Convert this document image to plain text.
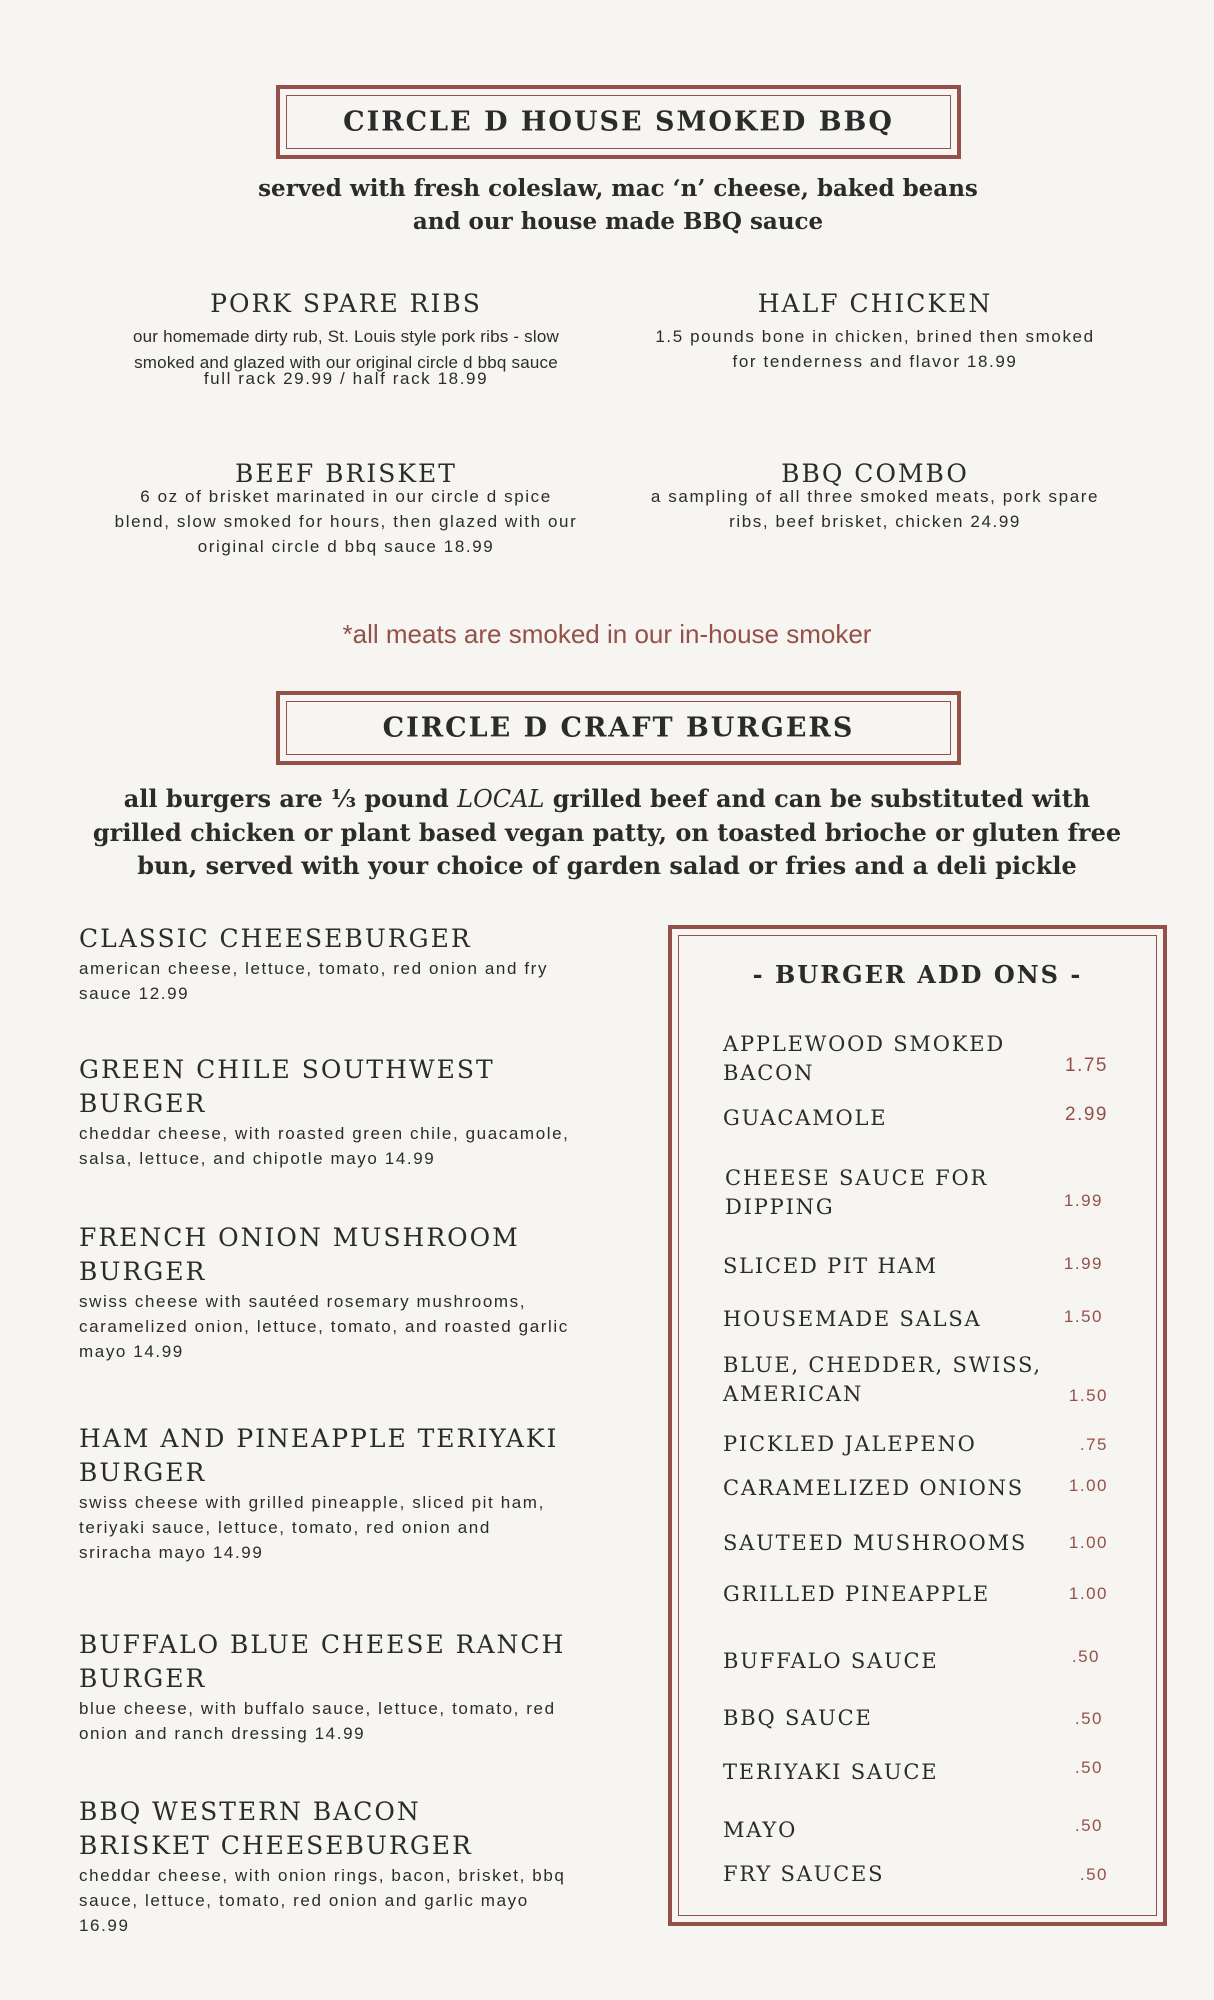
CIRCLE D HOUSE SMOKED BBQ
served with fresh coleslaw, mac ‘n’ cheese, baked beans
and our house made BBQ sauce
PORK SPARE RIBS
our homemade dirty rub, St. Louis style pork ribs - slow smoked and glazed with our original circle d bbq sauce
full rack 29.99 / half rack 18.99
HALF CHICKEN
1.5 pounds bone in chicken, brined then smoked for tenderness and flavor 18.99
BEEF BRISKET
6 oz of brisket marinated in our circle d spice blend, slow smoked for hours, then glazed with our original circle d bbq sauce 18.99
BBQ COMBO
a sampling of all three smoked meats, pork spare ribs, beef brisket, chicken 24.99
*all meats are smoked in our in-house smoker
CIRCLE D CRAFT BURGERS
all burgers are ⅓ pound LOCAL grilled beef and can be substituted with grilled chicken or plant based vegan patty, on toasted brioche or gluten free bun, served with your choice of garden salad or fries and a deli pickle
CLASSIC CHEESEBURGER
american cheese, lettuce, tomato, red onion and fry sauce 12.99
GREEN CHILE SOUTHWEST BURGER
cheddar cheese, with roasted green chile, guacamole, salsa, lettuce, and chipotle mayo 14.99
FRENCH ONION MUSHROOM BURGER
swiss cheese with sautéed rosemary mushrooms, caramelized onion, lettuce, tomato, and roasted garlic mayo 14.99
HAM AND PINEAPPLE TERIYAKI BURGER
swiss cheese with grilled pineapple, sliced pit ham, teriyaki sauce, lettuce, tomato, red onion and sriracha mayo 14.99
BUFFALO BLUE CHEESE RANCH BURGER
blue cheese, with buffalo sauce, lettuce, tomato, red onion and ranch dressing 14.99
BBQ WESTERN BACON BRISKET CHEESEBURGER
cheddar cheese, with onion rings, bacon, brisket, bbq sauce, lettuce, tomato, red onion and garlic mayo 16.99
- BURGER ADD ONS -
APPLEWOOD SMOKED BACON	1.75
GUACAMOLE	2.99
CHEESE SAUCE FOR DIPPING	1.99
SLICED PIT HAM	1.99
HOUSEMADE SALSA	1.50
BLUE, CHEDDER, SWISS, AMERICAN	1.50
PICKLED JALEPENO	.75
CARAMELIZED ONIONS	1.00
SAUTEED MUSHROOMS 1.00
GRILLED PINEAPPLE	1.00
BUFFALO SAUCE	.50
BBQ SAUCE	.50
TERIYAKI SAUCE	.50
MAYO	.50
FRY SAUCES	.50
